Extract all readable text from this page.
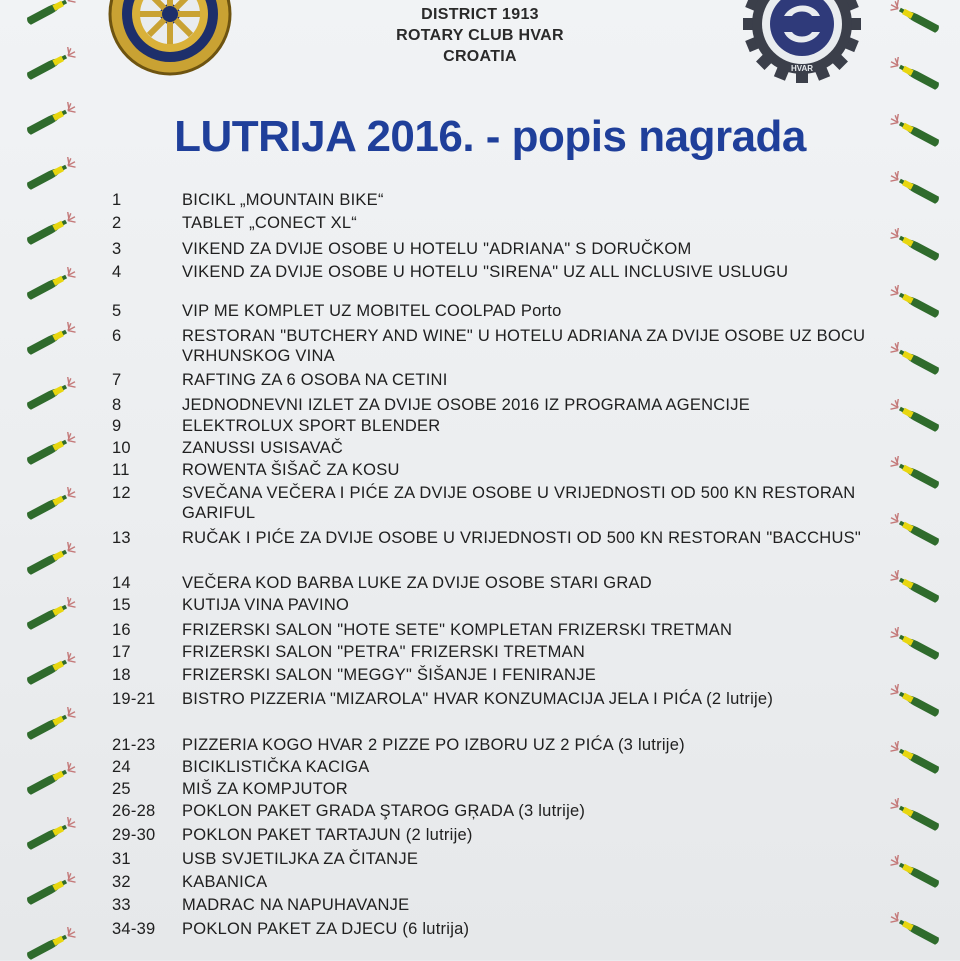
HVAR
DISTRICT 1913
ROTARY CLUB HVAR
CROATIA
LUTRIJA 2016. - popis nagrada
1	BICIKL „MOUNTAIN BIKE“
2	TABLET „CONECT XL“
3	VIKEND ZA DVIJE OSOBE U HOTELU "ADRIANA" S DORUČKOM
4	VIKEND ZA DVIJE OSOBE U HOTELU "SIRENA" UZ ALL INCLUSIVE USLUGU
5	VIP ME KOMPLET UZ MOBITEL COOLPAD Porto
6	RESTORAN "BUTCHERY AND WINE" U HOTELU ADRIANA ZA DVIJE OSOBE UZ BOCU VRHUNSKOG VINA
7	RAFTING ZA 6 OSOBA NA CETINI
8	JEDNODNEVNI IZLET ZA DVIJE OSOBE 2016 IZ PROGRAMA AGENCIJE
9	ELEKTROLUX SPORT BLENDER
10	ZANUSSI USISAVAČ
11	ROWENTA ŠIŠAČ ZA KOSU
12	SVEČANA VEČERA I PIĆE ZA DVIJE OSOBE U VRIJEDNOSTI OD 500 KN RESTORAN GARIFUL
13	RUČAK I PIĆE ZA DVIJE OSOBE U VRIJEDNOSTI OD 500 KN RESTORAN "BACCHUS"
14	VEČERA KOD BARBA LUKE ZA DVIJE OSOBE STARI GRAD
15	KUTIJA VINA PAVINO
16	FRIZERSKI SALON "HOTE SETE" KOMPLETAN FRIZERSKI TRETMAN
17	FRIZERSKI SALON "PETRA" FRIZERSKI TRETMAN
18	FRIZERSKI SALON "MEGGY" ŠIŠANJE I FENIRANJE
19-21	BISTRO PIZZERIA "MIZAROLA" HVAR KONZUMACIJA JELA I PIĆA (2 lutrije)
21-23	PIZZERIA KOGO HVAR 2 PIZZE PO IZBORU UZ 2 PIĆA (3 lutrije)
24	BICIKLISTIČKA KACIGA
25	MIŠ ZA KOMPJUTOR
26-28	POKLON PAKET GRADA ŞTAROG GŖADA (3 lutrije)
29-30	POKLON PAKET TARTAJUN (2 lutrije)
31	USB SVJETILJKA ZA ČITANJE
32	KABANICA
33	MADRAC NA NAPUHAVANJE
34-39	POKLON PAKET ZA DJECU (6 lutrija)
